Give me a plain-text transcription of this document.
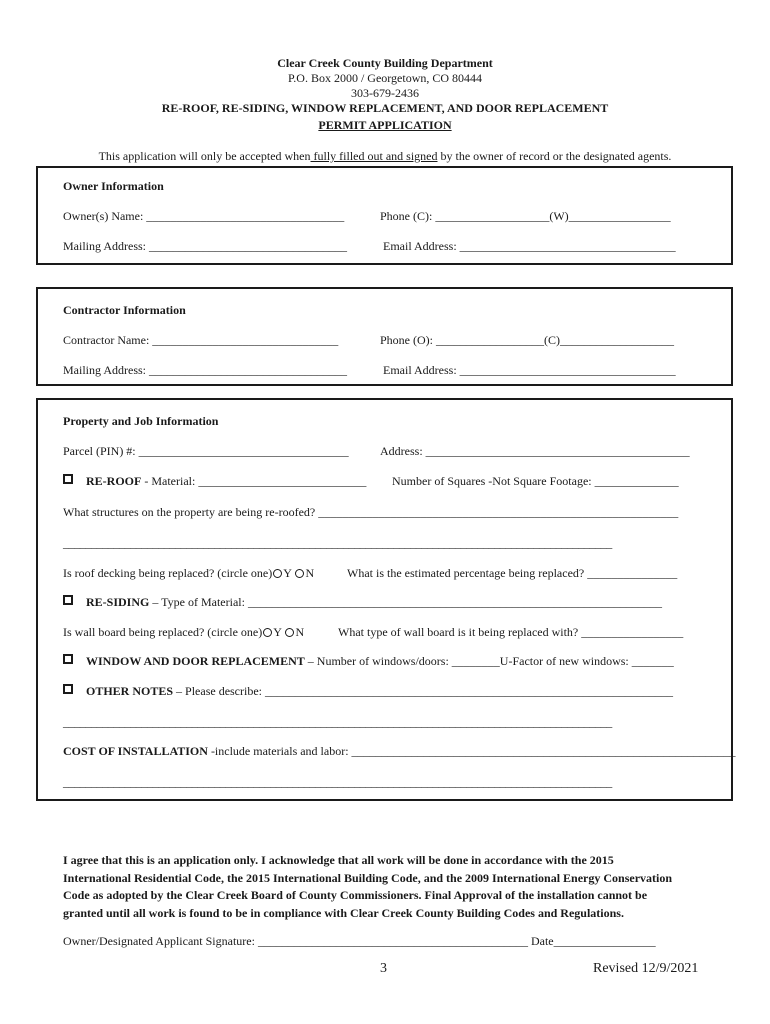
Clear Creek County Building Department
P.O. Box 2000 / Georgetown, CO 80444
303-679-2436
RE-ROOF, RE-SIDING, WINDOW REPLACEMENT, AND DOOR REPLACEMENT
PERMIT APPLICATION
This application will only be accepted when fully filled out and signed by the owner of record or the designated agents.
Owner Information
Owner(s) Name: _________________________________	Phone (C): ___________________(W)_________________
Mailing Address: _________________________________	Email Address: ____________________________________
Contractor Information
Contractor Name: _______________________________	Phone (O): __________________(C)___________________
Mailing Address: _________________________________	Email Address: ____________________________________
Property and Job Information
Parcel (PIN) #: ___________________________________	Address: ____________________________________________
RE-ROOF - Material: ____________________________ Number of Squares -Not Square Footage: ______________
What structures on the property are being re-roofed? ____________________________________________________________
__________________________________________________________________________________________________
Is roof decking being replaced? (circle one) Y N	What is the estimated percentage being replaced? _______________
RE-SIDING – Type of Material: _____________________________________________________________________
Is wall board being replaced? (circle one) Y N	What type of wall board is it being replaced with? _________________
WINDOW AND DOOR REPLACEMENT – Number of windows/doors: ________U-Factor of new windows: _______
OTHER NOTES – Please describe: ____________________________________________________________________
__________________________________________________________________________________________________
COST OF INSTALLATION -include materials and labor: ________________________________________________________________
__________________________________________________________________________________________________
I agree that this is an application only. I acknowledge that all work will be done in accordance with the 2015
International Residential Code, the 2015 International Building Code, and the 2009 International Energy Conservation
Code as adopted by the Clear Creek Board of County Commissioners. Final Approval of the installation cannot be
granted until all work is found to be in compliance with Clear Creek County Building Codes and Regulations.
Owner/Designated Applicant Signature: _____________________________________________ Date_________________
3	Revised 12/9/2021
